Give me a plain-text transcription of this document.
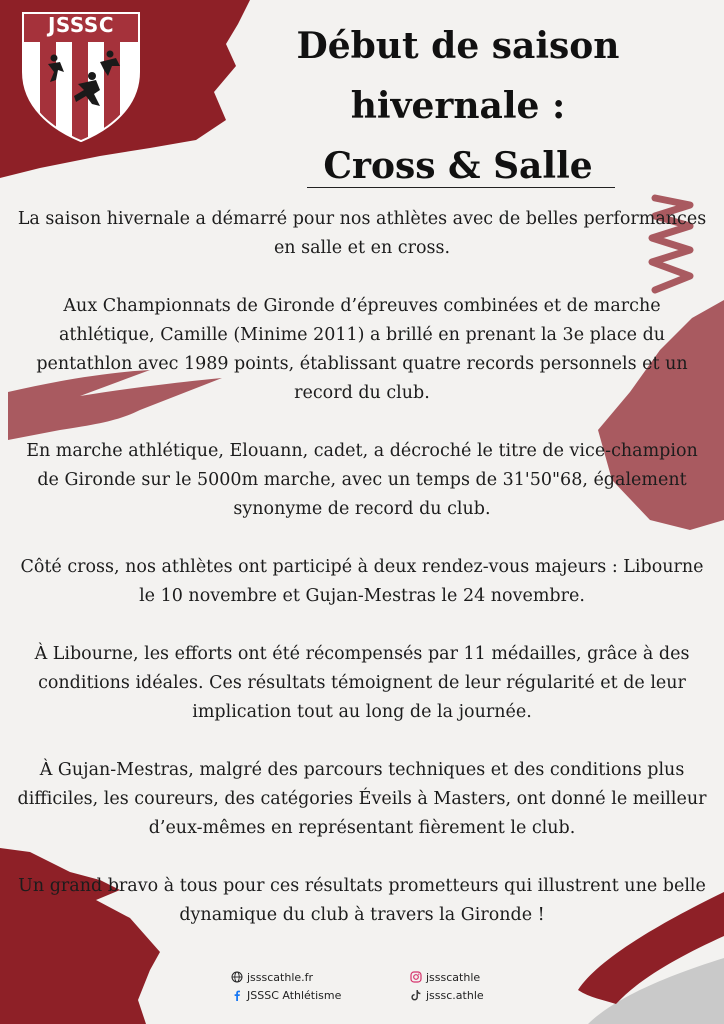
JSSSC	Début de saison
hivernale :
Cross & Salle

La saison hivernale a démarré pour nos athlètes avec de belles performances en salle et en cross.

Aux Championnats de Gironde d’épreuves combinées et de marche athlétique, Camille (Minime 2011) a brillé en prenant la 3e place du pentathlon avec 1989 points, établissant quatre records personnels et un record du club.

En marche athlétique, Elouann, cadet, a décroché le titre de vice-champion de Gironde sur le 5000m marche, avec un temps de 31'50"68, également synonyme de record du club.

Côté cross, nos athlètes ont participé à deux rendez-vous majeurs : Libourne le 10 novembre et Gujan-Mestras le 24 novembre.

À Libourne, les efforts ont été récompensés par 11 médailles, grâce à des conditions idéales. Ces résultats témoignent de leur régularité et de leur implication tout au long de la journée.

À Gujan-Mestras, malgré des parcours techniques et des conditions plus difficiles, les coureurs, des catégories Éveils à Masters, ont donné le meilleur d’eux-mêmes en représentant fièrement le club.

Un grand bravo à tous pour ces résultats prometteurs qui illustrent une belle dynamique du club à travers la Gironde !

jssscathle.fr
JSSSC Athlétisme
jssscathle
jsssc.athle
